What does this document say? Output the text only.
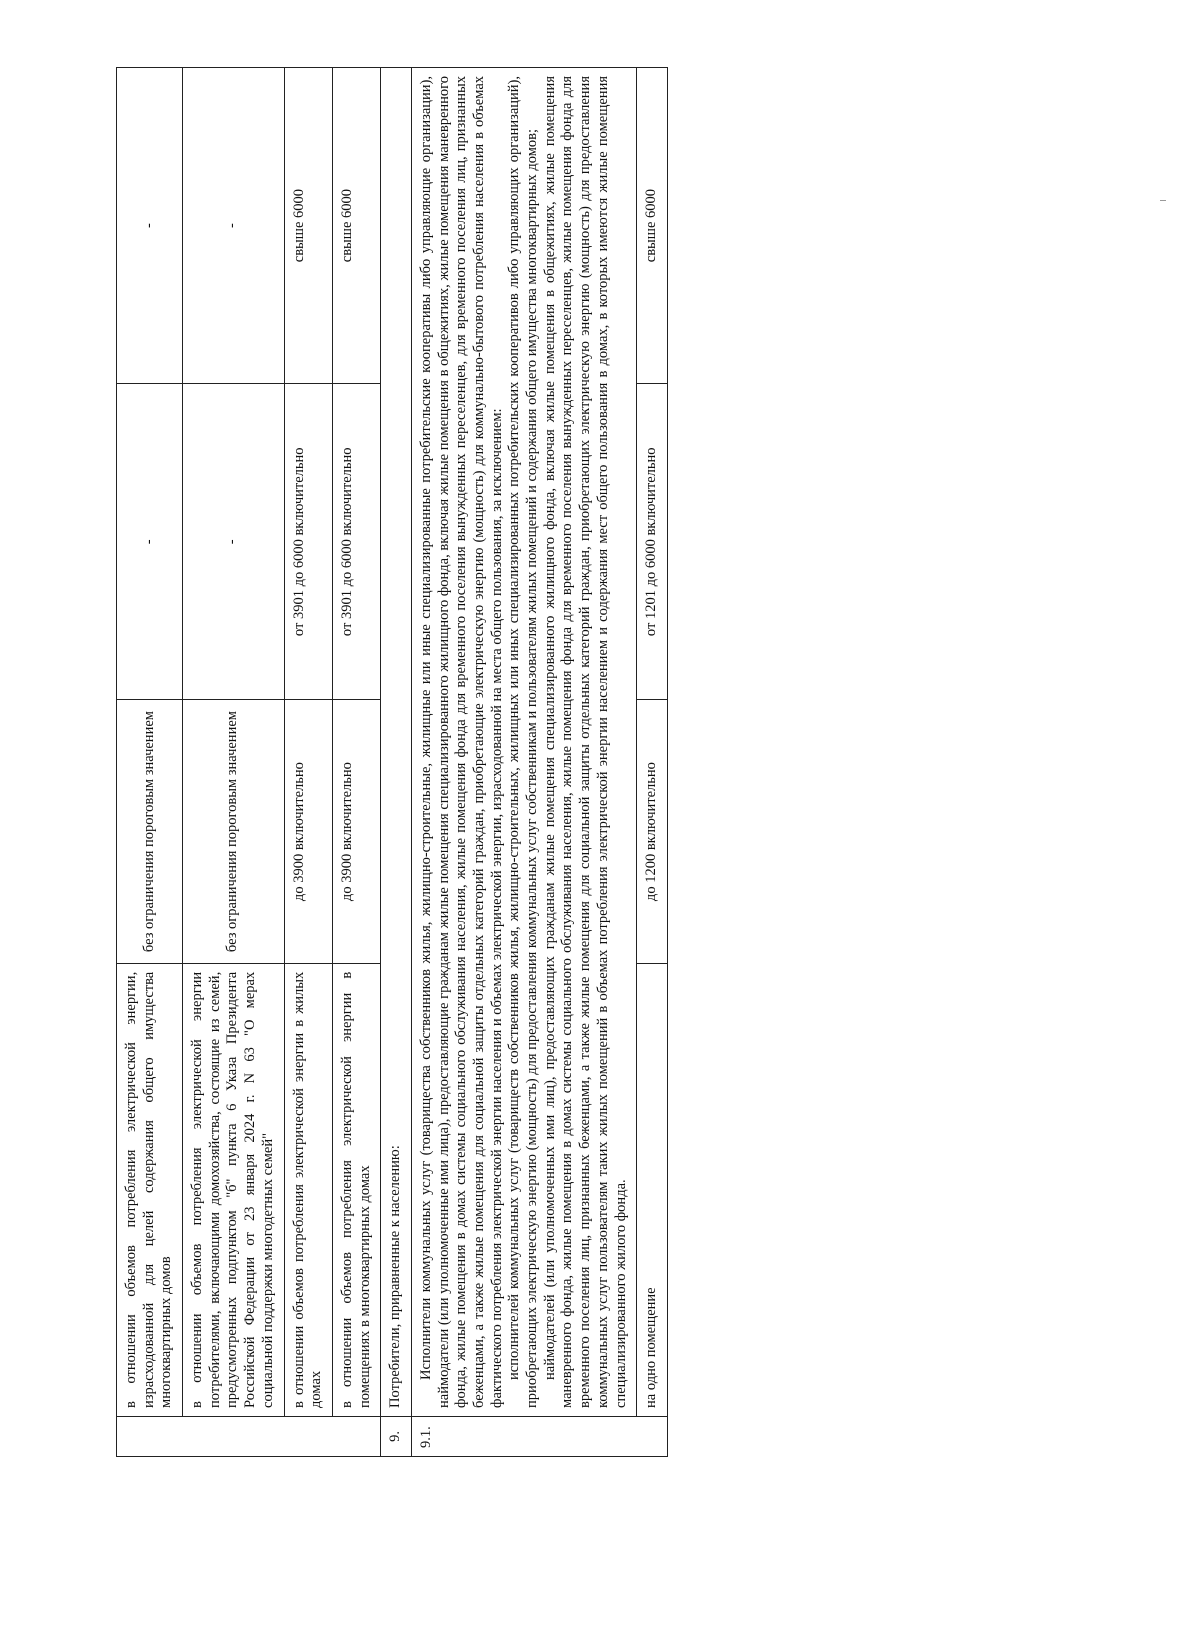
	в отношении объемов потребления электрической энергии, израсходованной для целей содержания общего имущества многоквартирных домов	без ограничения пороговым значением	-	-
	в отношении объемов потребления электрической энергии потребителями, включающими домохозяйства, состоящие из семей, предусмотренных подпунктом "б" пункта 6 Указа Президента Российской Федерации от 23 января 2024 г. N 63 "О мерах социальной поддержки многодетных семей"	без ограничения пороговым значением	-	-
	в отношении объемов потребления электрической энергии в жилых домах	до 3900 включительно	от 3901 до 6000 включительно	свыше 6000
	в отношении объемов потребления электрической энергии в помещениях в многоквартирных домах	до 3900 включительно	от 3901 до 6000 включительно	свыше 6000
9.	Потребители, приравненные к населению:			
9.1.	Исполнители коммунальных услуг (товарищества собственников жилья, жилищно-строительные, жилищные или иные специализированные потребительские кооперативы либо управляющие организации), наймодатели (или уполномоченные ими лица), предоставляющие гражданам жилые помещения специализированного жилищного фонда, включая жилые помещения в общежитиях, жилые помещения маневренного фонда, жилые помещения в домах системы социального обслуживания населения, жилые помещения фонда для временного поселения вынужденных переселенцев, для временного поселения лиц, признанных беженцами, а также жилые помещения для социальной защиты отдельных категорий граждан, приобретающие электрическую энергию (мощность) для коммунально-бытового потребления населения в объемах фактического потребления электрической энергии населения и объемах электрической энергии, израсходованной на места общего пользования, за исключением: исполнителей коммунальных услуг (товариществ собственников жилья, жилищно-строительных, жилищных или иных специализированных потребительских кооперативов либо управляющих организаций), приобретающих электрическую энергию (мощность) для предоставления коммунальных услуг собственникам и пользователям жилых помещений и содержания общего имущества многоквартирных домов; наймодателей (или уполномоченных ими лиц), предоставляющих гражданам жилые помещения специализированного жилищного фонда, включая жилые помещения в общежитиях, жилые помещения маневренного фонда, жилые помещения в домах системы социального обслуживания населения, жилые помещения фонда для временного поселения вынужденных переселенцев, жилые помещения фонда для временного поселения лиц, признанных беженцами, а также жилые помещения для социальной защиты отдельных категорий граждан, приобретающих электрическую энергию (мощность) для предоставления коммунальных услуг пользователям таких жилых помещений в объемах потребления электрической энергии населением и содержания мест общего пользования в домах, в которых имеются жилые помещения специализированного жилого фонда.			

	на одно помещение	до 1200 включительно	от 1201 до 6000 включительно	свыше 6000
